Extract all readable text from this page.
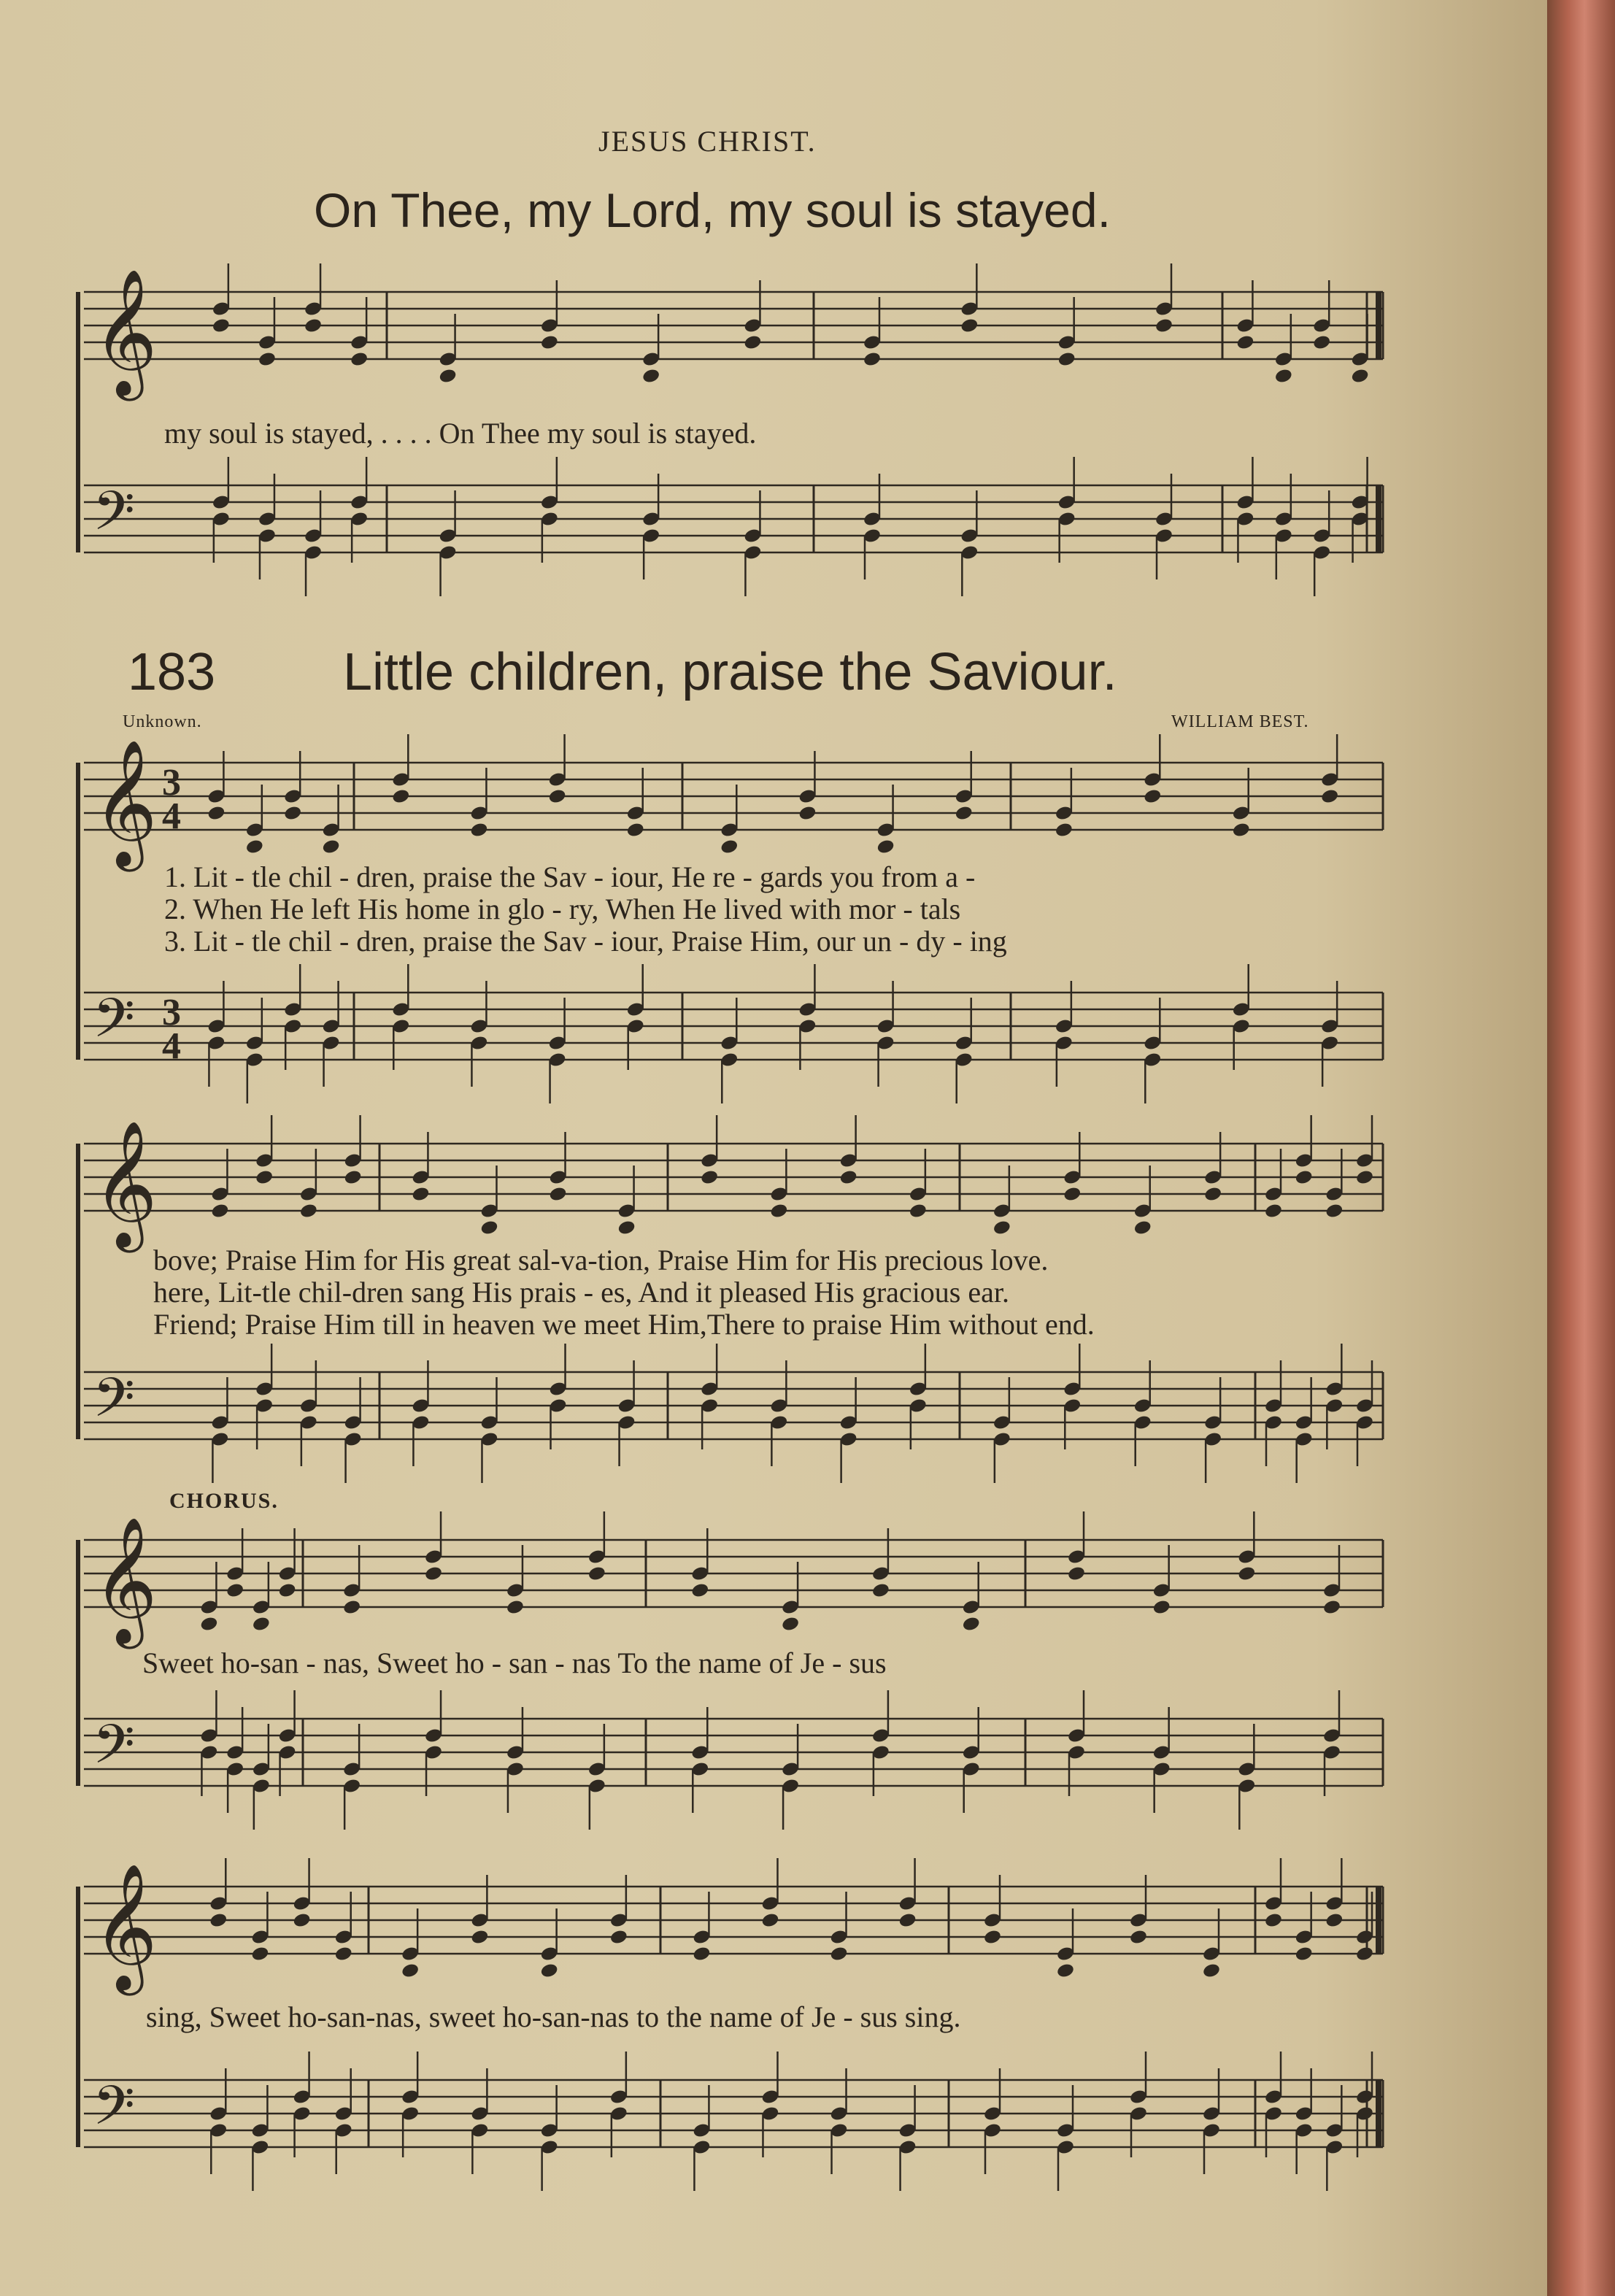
𝄞
𝄢
𝄞
𝄢
𝄞
𝄢
𝄞
𝄢
𝄞
𝄢
3
4
3
4
JESUS CHRIST.
On Thee, my Lord, my soul is stayed.
my soul is stayed, . . . . On Thee my soul is stayed.
183 Little children, praise the Saviour.
Unknown.	WILLIAM BEST.
1. Lit - tle chil - dren, praise the Sav - iour, He re - gards you from a -
2. When He left His home in glo - ry, When He lived with mor - tals
3. Lit - tle chil - dren, praise the Sav - iour, Praise Him, our un - dy - ing
bove; Praise Him for His great sal-va-tion, Praise Him for His precious love.
here, Lit-tle chil-dren sang His prais - es, And it pleased His gracious ear.
Friend; Praise Him till in heaven we meet Him,There to praise Him without end.
CHORUS.
Sweet ho-san - nas, Sweet ho - san - nas To the name of Je - sus
sing, Sweet ho-san-nas, sweet ho-san-nas to the name of Je - sus sing.
